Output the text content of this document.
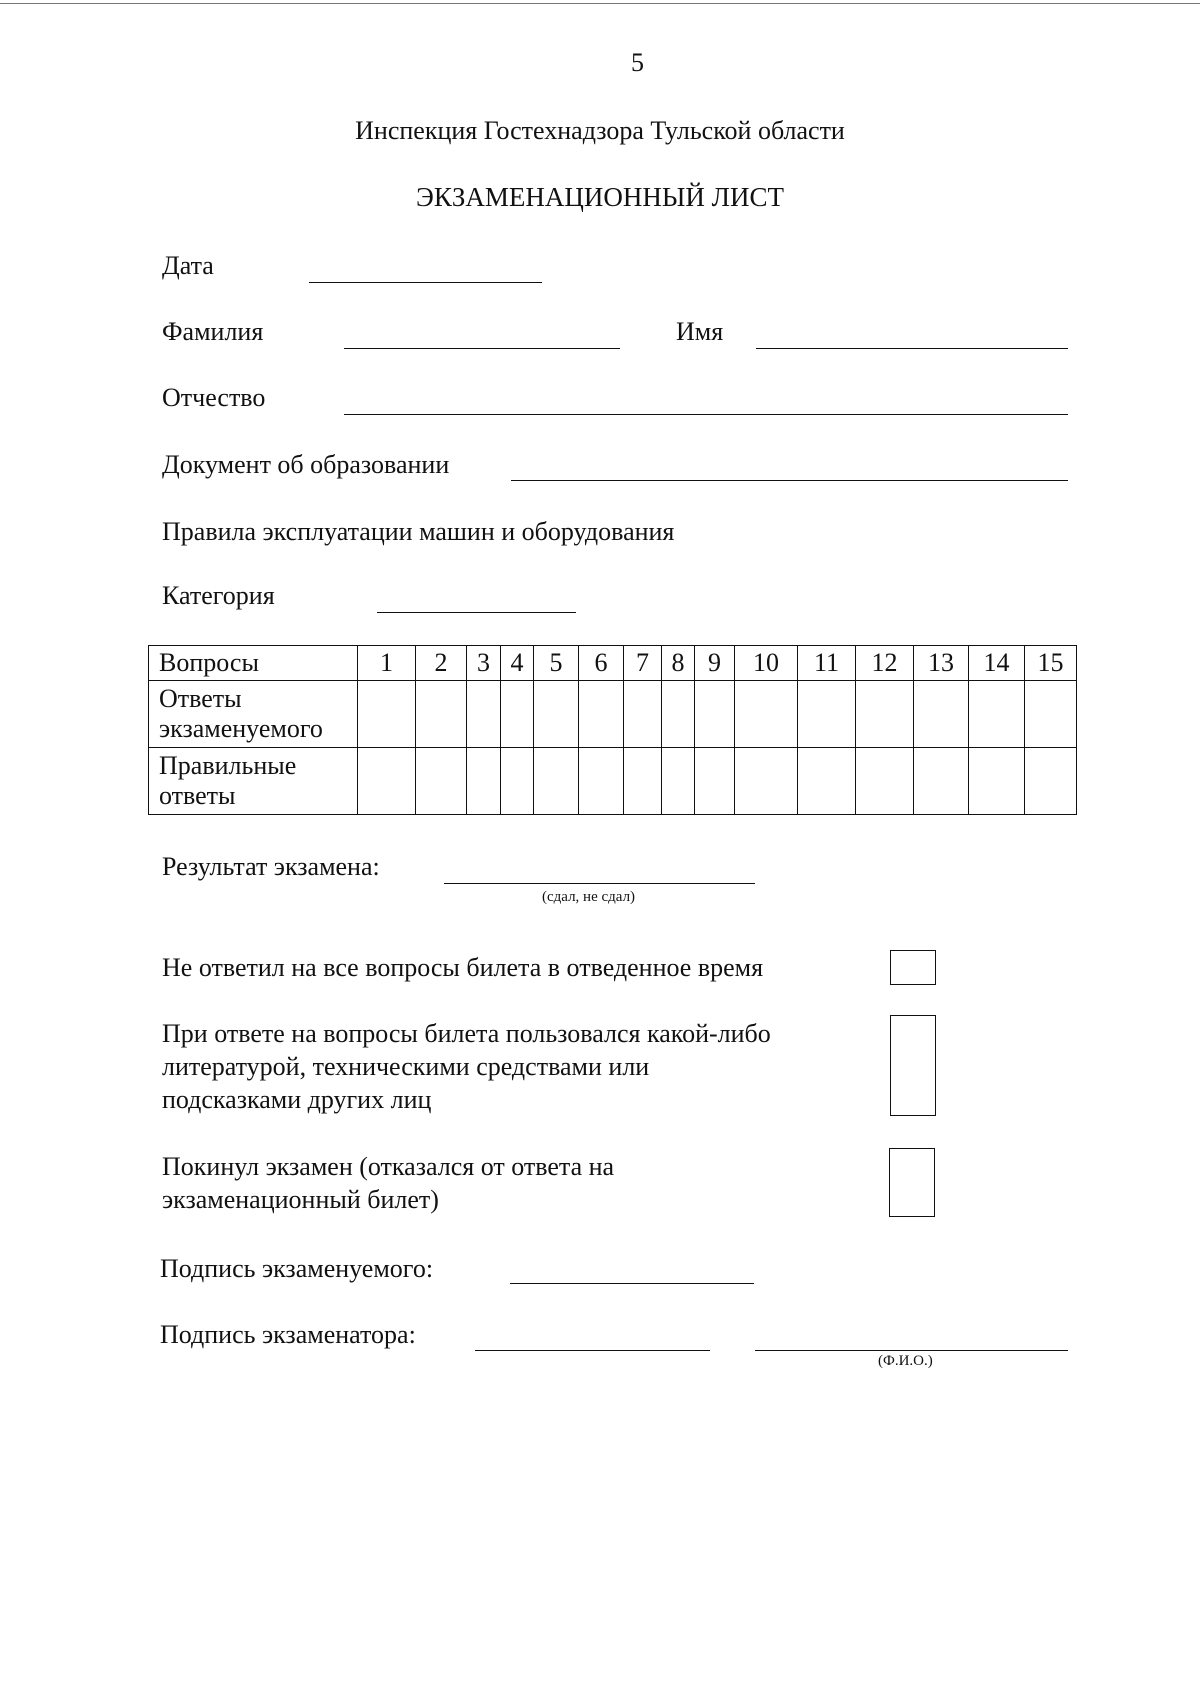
5
Инспекция Гостехнадзора Тульской области
ЭКЗАМЕНАЦИОННЫЙ ЛИСТ
Дата
Фамилия	Имя
Отчество
Документ об образовании
Правила эксплуатации машин и оборудования
Категория
Вопросы	1	2	3	4	5	6	7	8	9	10	11	12	13	14	15

Ответы
экзаменуемого															

Правильные
ответы															

Результат экзамена:
(сдал, не сдал)
Не ответил на все вопросы билета в отведенное время
При ответе на вопросы билета пользовался какой-либо
литературой, техническими средствами или
подсказками других лиц
Покинул экзамен (отказался от ответа на
экзаменационный билет)
Подпись экзаменуемого:
Подпись экзаменатора:
(Ф.И.О.)
